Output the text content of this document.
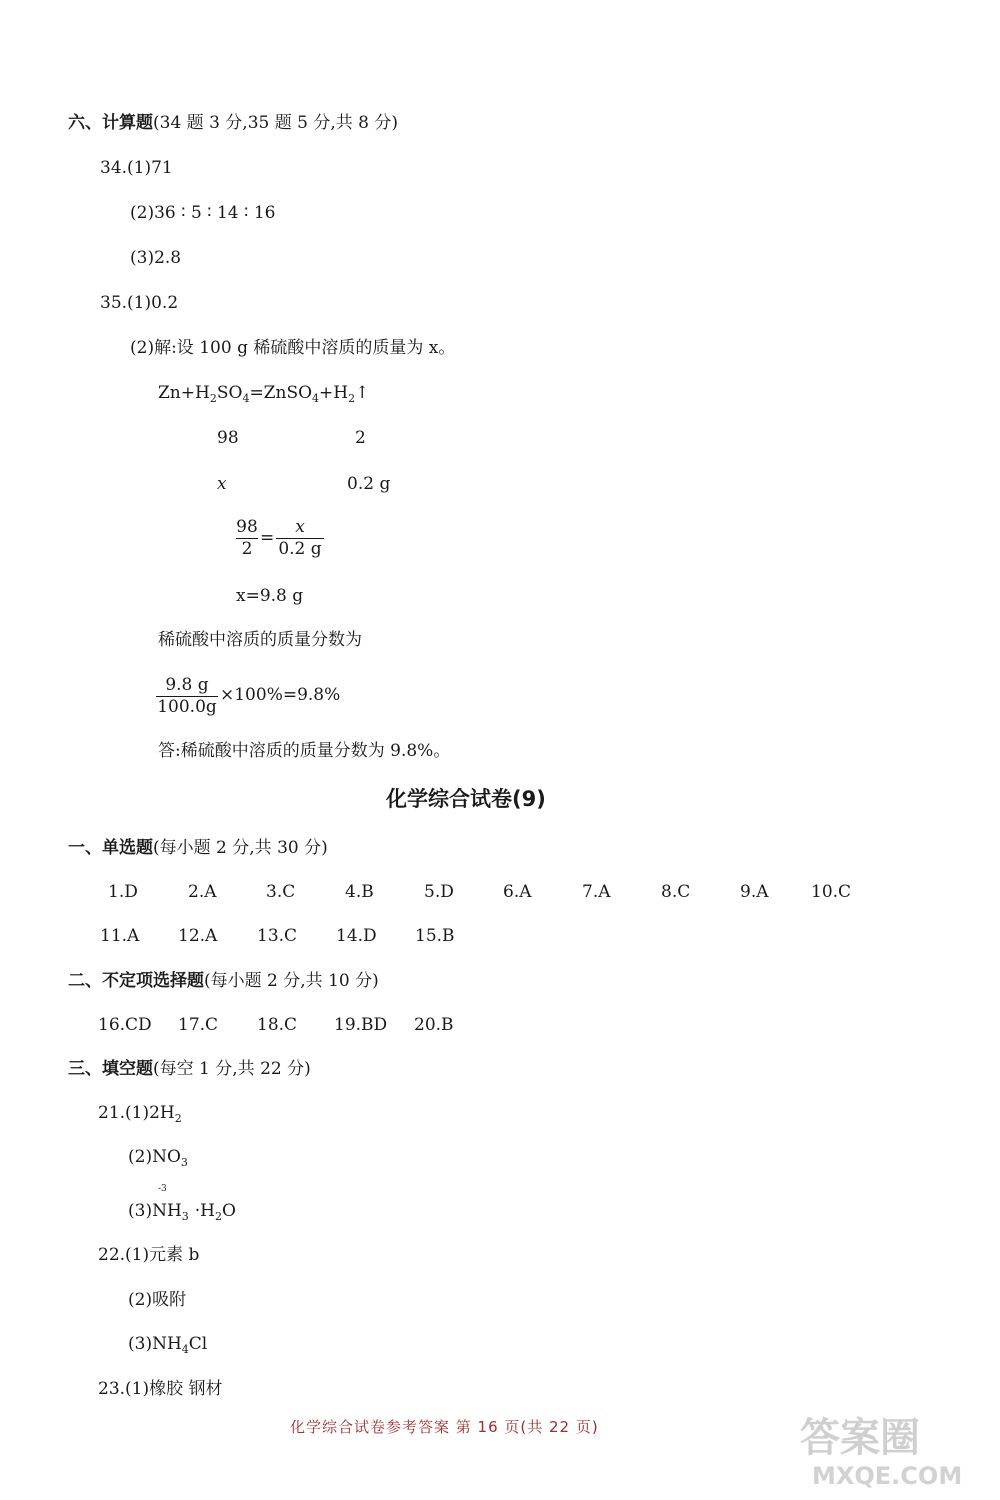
六、计算题(34 题 3 分,35 题 5 分,共 8 分)
34.(1)71
(2)36 ∶ 5 ∶ 14 ∶ 16
(3)2.8
35.(1)0.2
(2)解:设 100 g 稀硫酸中溶质的质量为 x。
$Zn+H_2SO_4=ZnSO_4+H_2↑$
98	2
x	0.2 g
98
2
=
x
0.2 g
x=9.8 g
稀硫酸中溶质的质量分数为
9.8 g
100.0g
×100%=9.8%
答:稀硫酸中溶质的质量分数为 9.8%。
化学综合试卷(9)
一、单选题(每小题 2 分,共 30 分)
1.D	2.A	3.C	4.B	5.D	6.A	7.A	8.C	9.A	10.C
11.A 12.A 13.C 14.D 15.B
二、不定项选择题(每小题 2 分,共 10 分)
16.CD 17.C 18.C 19.BD 20.B
三、填空题(每空 1 分,共 22 分)
$21.(1)2H_2$
$(2)NO_3$
-3
$(3)NH_3 \cdot H_2O$
22.(1)元素 b
(2)吸附
$(3)NH_4Cl$
23.(1)橡胶 钢材
化学综合试卷参考答案 第 16 页(共 22 页)	答案圈
MXQE.COM
